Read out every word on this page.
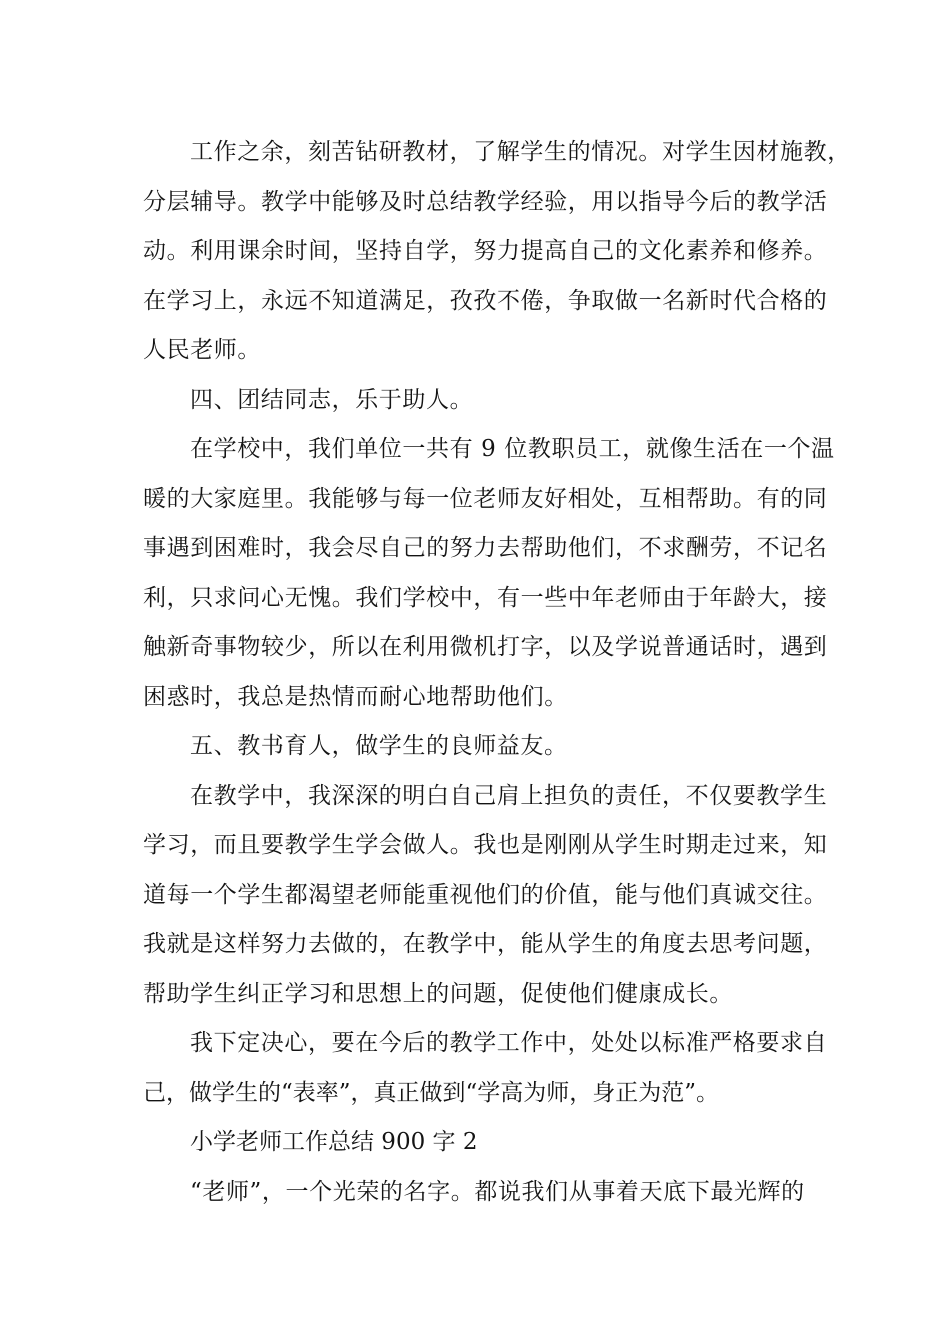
工作之余，刻苦钻研教材，了解学生的情况。对学生因材施教，
分层辅导。教学中能够及时总结教学经验，用以指导今后的教学活
动。利用课余时间，坚持自学，努力提高自己的文化素养和修养。
在学习上，永远不知道满足，孜孜不倦，争取做一名新时代合格的
人民老师。
四、团结同志，乐于助人。
在学校中，我们单位一共有 9 位教职员工，就像生活在一个温
暖的大家庭里。我能够与每一位老师友好相处，互相帮助。有的同
事遇到困难时，我会尽自己的努力去帮助他们，不求酬劳，不记名
利，只求问心无愧。我们学校中，有一些中年老师由于年龄大，接
触新奇事物较少，所以在利用微机打字，以及学说普通话时，遇到
困惑时，我总是热情而耐心地帮助他们。
五、教书育人，做学生的良师益友。
在教学中，我深深的明白自己肩上担负的责任，不仅要教学生
学习，而且要教学生学会做人。我也是刚刚从学生时期走过来，知
道每一个学生都渴望老师能重视他们的价值，能与他们真诚交往。
我就是这样努力去做的，在教学中，能从学生的角度去思考问题，
帮助学生纠正学习和思想上的问题，促使他们健康成长。
我下定决心，要在今后的教学工作中，处处以标准严格要求自
己，做学生的“表率”，真正做到“学高为师，身正为范”。
小学老师工作总结 900 字 2
“老师”，一个光荣的名字。都说我们从事着天底下最光辉的
